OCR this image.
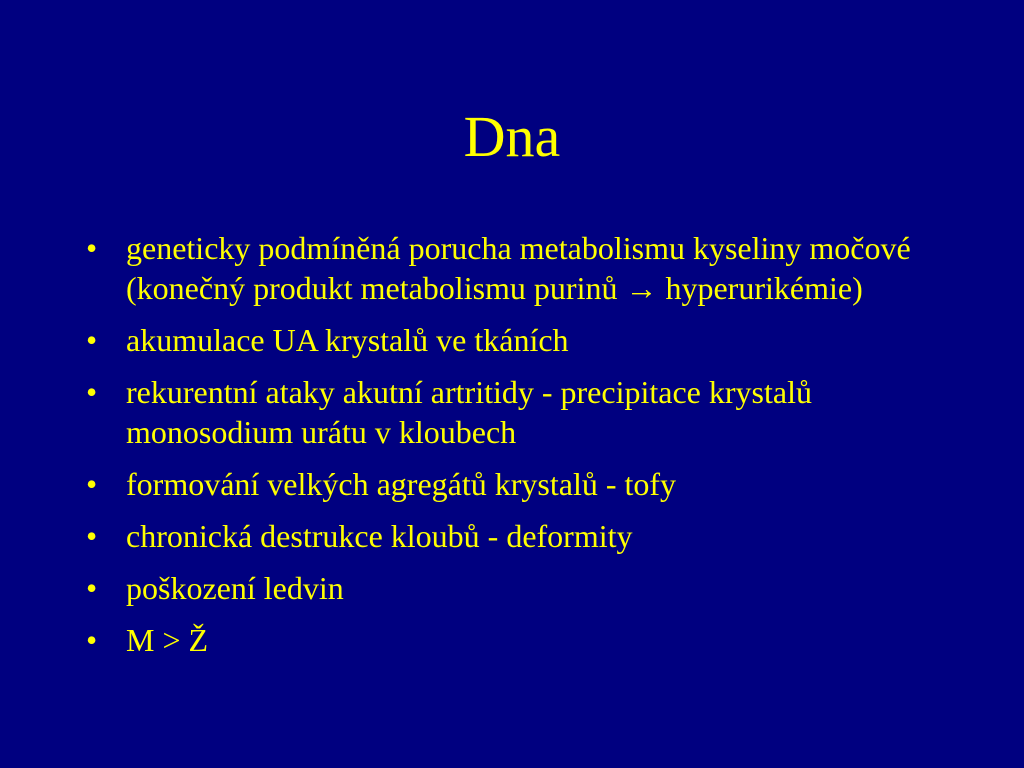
Dna
• geneticky podmíněná porucha metabolismu kyseliny močové (konečný produkt metabolismu purinů → hyperurikémie)
• akumulace UA krystalů ve tkáních
• rekurentní ataky akutní artritidy - precipitace krystalů monosodium urátu v kloubech
• formování velkých agregátů krystalů - tofy
• chronická destrukce kloubů - deformity
• poškození ledvin
• M > Ž
